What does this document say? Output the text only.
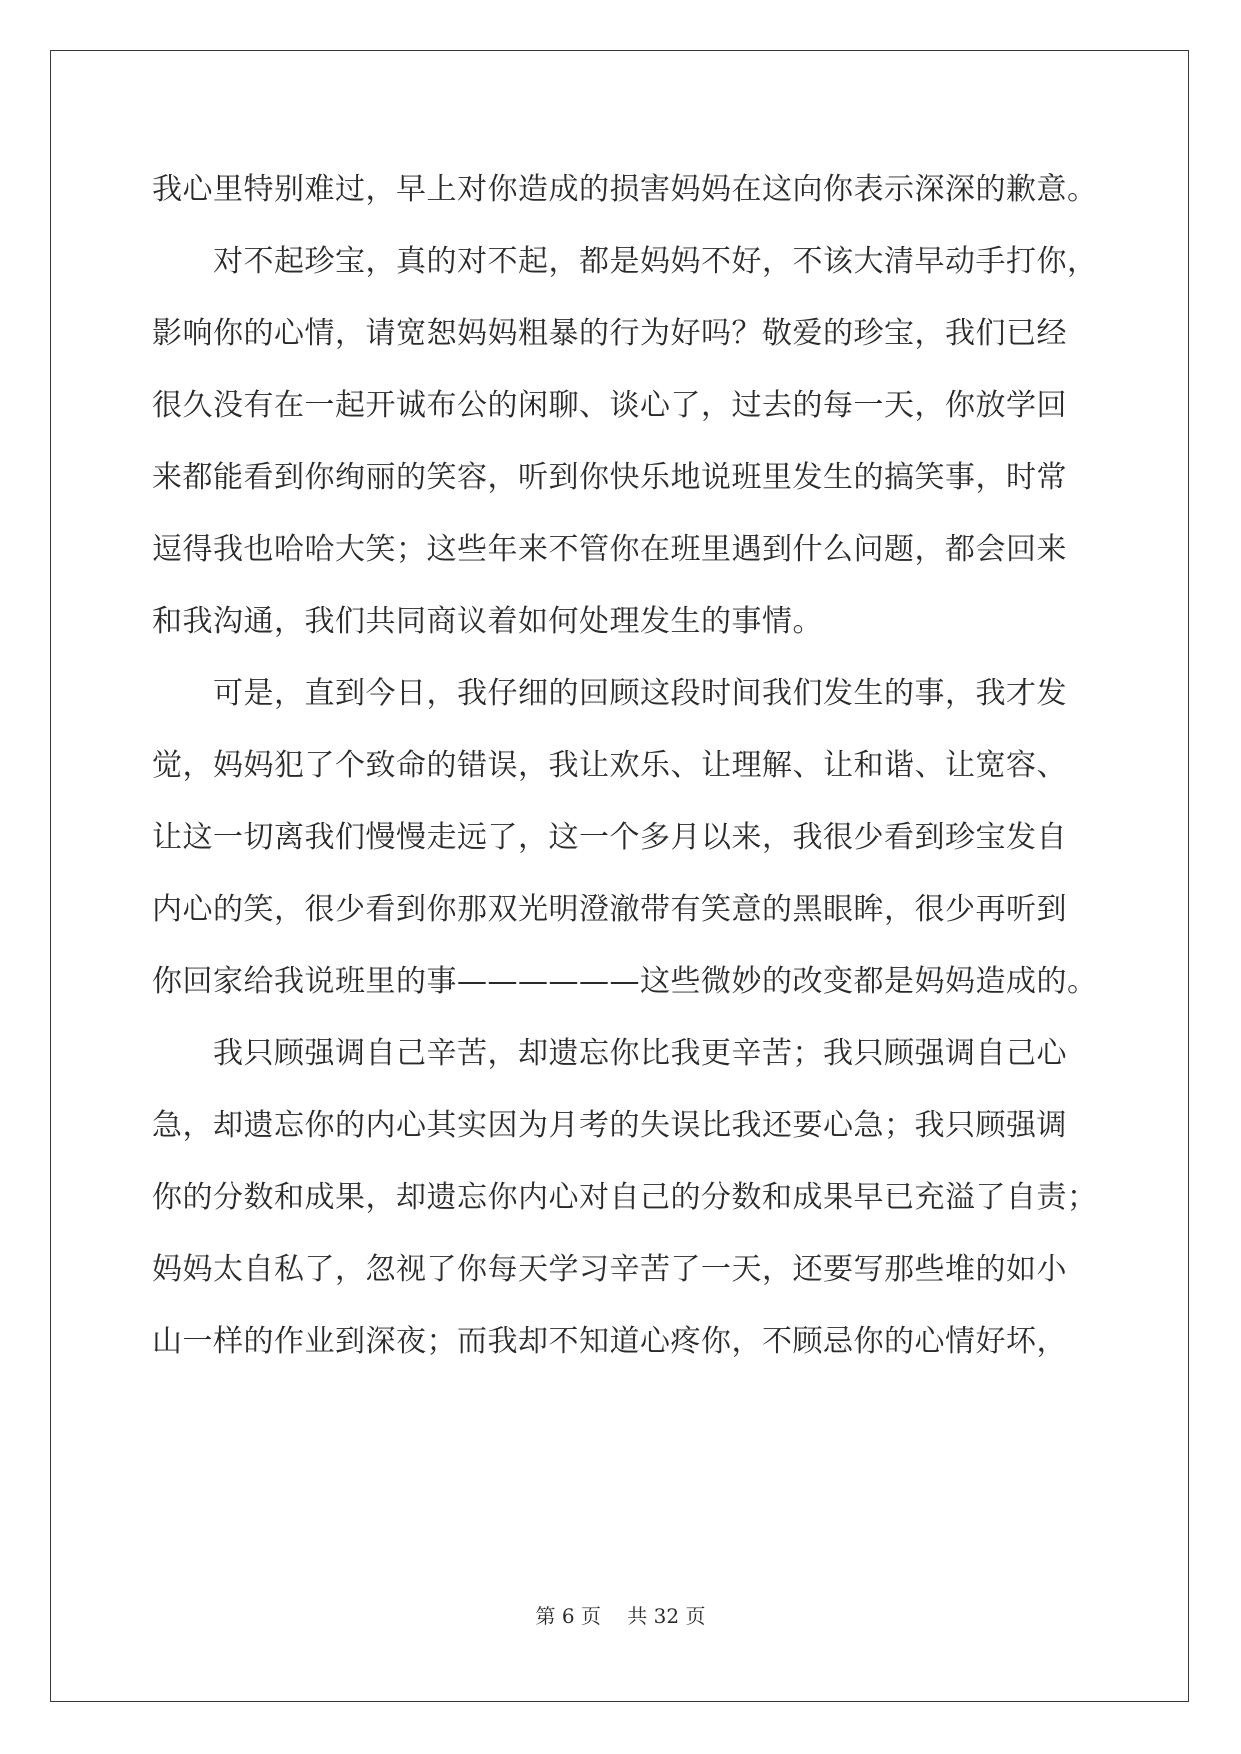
我心里特别难过，早上对你造成的损害妈妈在这向你表示深深的歉意。
　　对不起珍宝，真的对不起，都是妈妈不好，不该大清早动手打你，
影响你的心情，请宽恕妈妈粗暴的行为好吗？敬爱的珍宝，我们已经
很久没有在一起开诚布公的闲聊、谈心了，过去的每一天，你放学回
来都能看到你绚丽的笑容，听到你快乐地说班里发生的搞笑事，时常
逗得我也哈哈大笑；这些年来不管你在班里遇到什么问题，都会回来
和我沟通，我们共同商议着如何处理发生的事情。
　　可是，直到今日，我仔细的回顾这段时间我们发生的事，我才发
觉，妈妈犯了个致命的错误，我让欢乐、让理解、让和谐、让宽容、
让这一切离我们慢慢走远了，这一个多月以来，我很少看到珍宝发自
内心的笑，很少看到你那双光明澄澈带有笑意的黑眼眸，很少再听到
你回家给我说班里的事——————这些微妙的改变都是妈妈造成的。
　　我只顾强调自己辛苦，却遗忘你比我更辛苦；我只顾强调自己心
急，却遗忘你的内心其实因为月考的失误比我还要心急；我只顾强调
你的分数和成果，却遗忘你内心对自己的分数和成果早已充溢了自责；
妈妈太自私了，忽视了你每天学习辛苦了一天，还要写那些堆的如小
山一样的作业到深夜；而我却不知道心疼你，不顾忌你的心情好坏，
第 6 页　 共 32 页
